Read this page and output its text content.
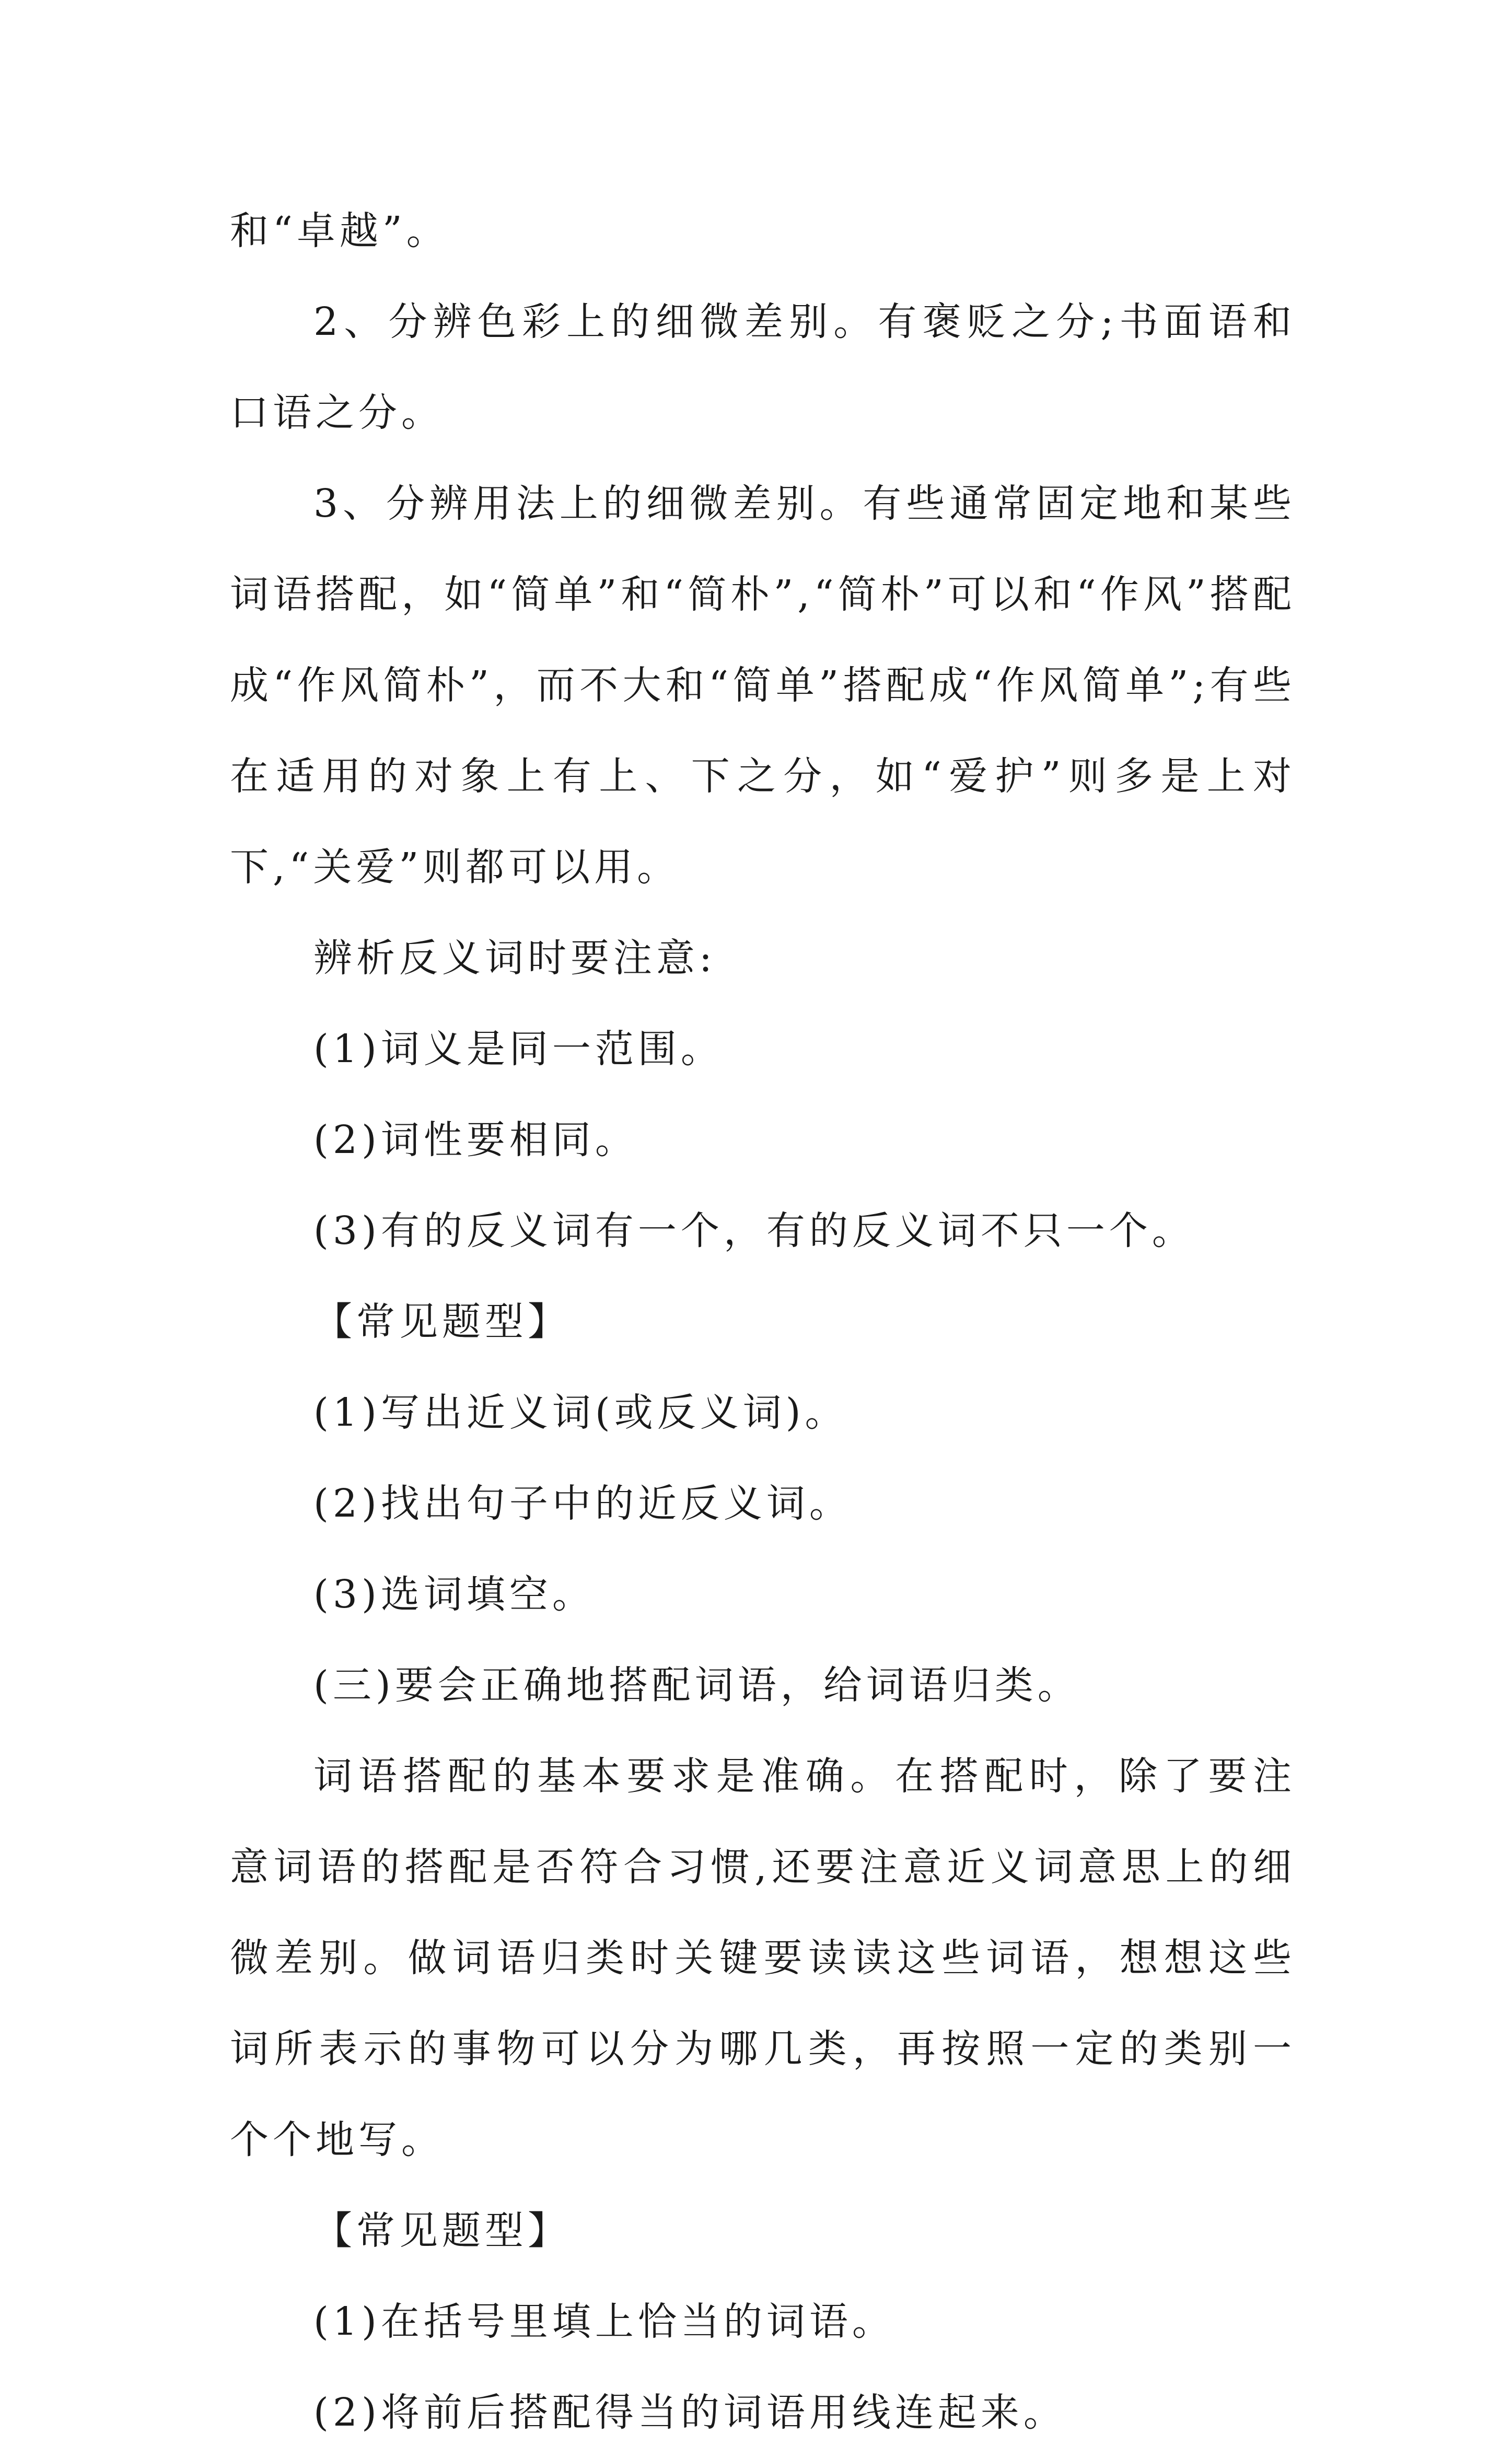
和“卓越”。

2、分辨色彩上的细微差别。有褒贬之分;书面语和口语之分。

3、分辨用法上的细微差别。有些通常固定地和某些词语搭配，如“简单”和“简朴”,“简朴”可以和“作风”搭配成“作风简朴”，而不大和“简单”搭配成“作风简单”;有些在适用的对象上有上、下之分，如“爱护”则多是上对下,“关爱”则都可以用。

辨析反义词时要注意:

(1)词义是同一范围。

(2)词性要相同。

(3)有的反义词有一个，有的反义词不只一个。

【常见题型】

(1)写出近义词(或反义词)。

(2)找出句子中的近反义词。

(3)选词填空。

(三)要会正确地搭配词语，给词语归类。

词语搭配的基本要求是准确。在搭配时，除了要注意词语的搭配是否符合习惯,还要注意近义词意思上的细微差别。做词语归类时关键要读读这些词语，想想这些词所表示的事物可以分为哪几类，再按照一定的类别一个个地写。

【常见题型】

(1)在括号里填上恰当的词语。

(2)将前后搭配得当的词语用线连起来。
